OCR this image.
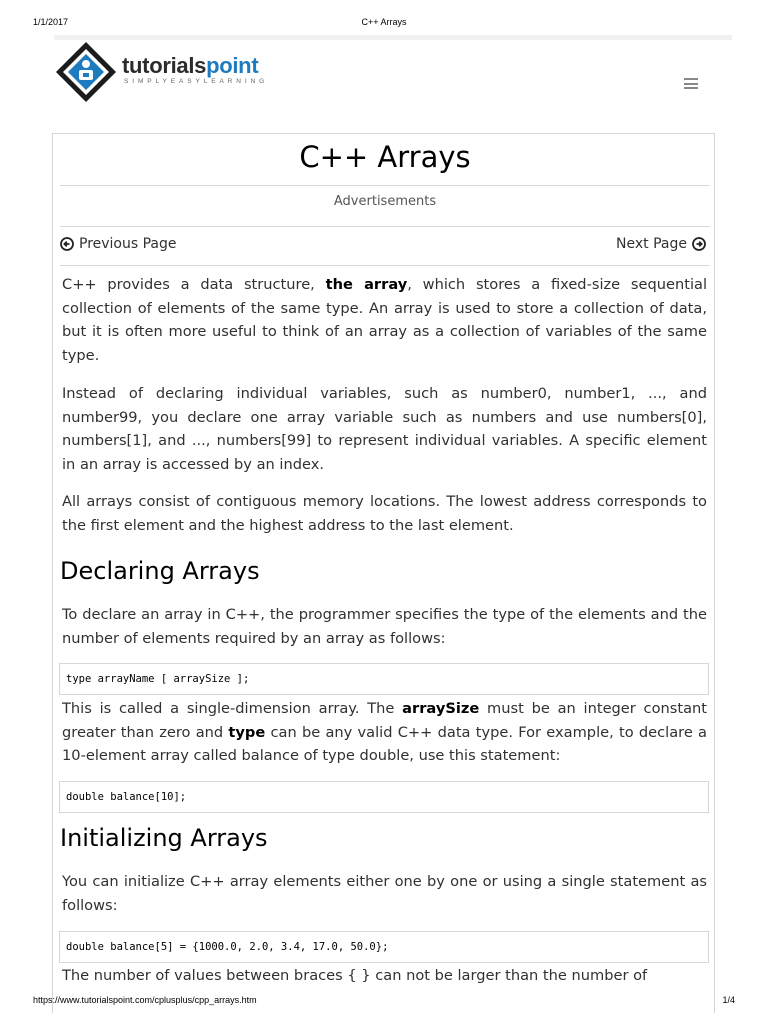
1/1/2017	C++ Arrays
tutorialspoint
SIMPLYEASYLEARNING
C++ Arrays
Advertisements
Previous Page	Next Page

C++ provides a data structure, the array, which stores a fixed-size sequential collection of elements of the same type. An array is used to store a collection of data, but it is often more useful to think of an array as a collection of variables of the same type.

Instead of declaring individual variables, such as number0, number1, ..., and number99, you declare one array variable such as numbers and use numbers[0], numbers[1], and ..., numbers[99] to represent individual variables. A specific element in an array is accessed by an index.

All arrays consist of contiguous memory locations. The lowest address corresponds to the first element and the highest address to the last element.

Declaring Arrays

To declare an array in C++, the programmer specifies the type of the elements and the number of elements required by an array as follows:

type arrayName [ arraySize ];

This is called a single-dimension array. The arraySize must be an integer constant greater than zero and type can be any valid C++ data type. For example, to declare a 10-element array called balance of type double, use this statement:

double balance[10];
Initializing Arrays

You can initialize C++ array elements either one by one or using a single statement as follows:

double balance[5] = {1000.0, 2.0, 3.4, 17.0, 50.0};

The number of values between braces { } can not be larger than the number of

https://www.tutorialspoint.com/cplusplus/cpp_arrays.htm	1/4
